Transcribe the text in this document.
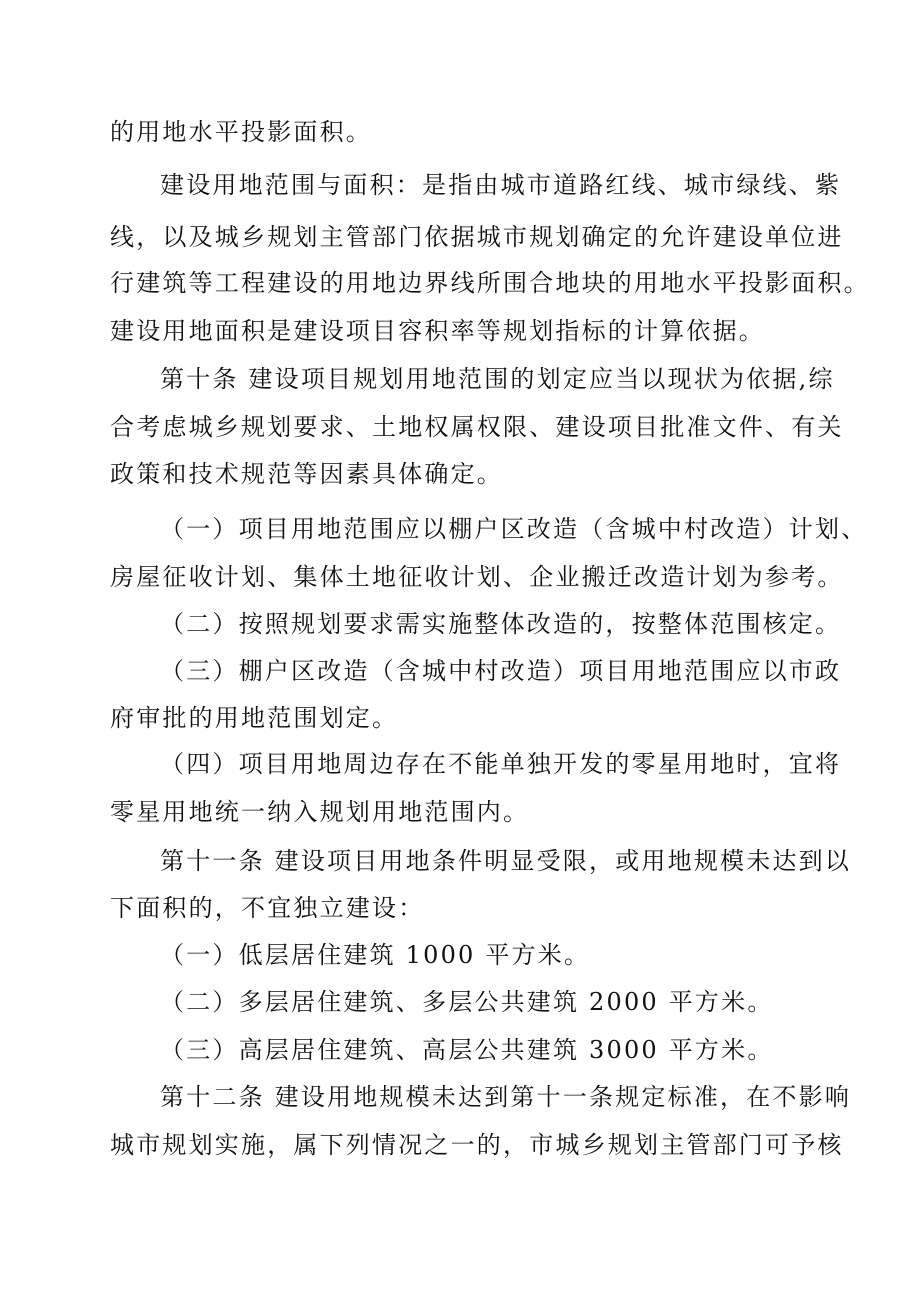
的用地水平投影面积。
建设用地范围与面积：是指由城市道路红线、城市绿线、紫
线，以及城乡规划主管部门依据城市规划确定的允许建设单位进
行建筑等工程建设的用地边界线所围合地块的用地水平投影面积。
建设用地面积是建设项目容积率等规划指标的计算依据。
第十条 建设项目规划用地范围的划定应当以现状为依据,综
合考虑城乡规划要求、土地权属权限、建设项目批准文件、有关
政策和技术规范等因素具体确定。
（一）项目用地范围应以棚户区改造（含城中村改造）计划、
房屋征收计划、集体土地征收计划、企业搬迁改造计划为参考。
（二）按照规划要求需实施整体改造的，按整体范围核定。
（三）棚户区改造（含城中村改造）项目用地范围应以市政
府审批的用地范围划定。
（四）项目用地周边存在不能单独开发的零星用地时，宜将
零星用地统一纳入规划用地范围内。
第十一条 建设项目用地条件明显受限，或用地规模未达到以
下面积的，不宜独立建设：
（一）低层居住建筑 1000 平方米。
（二）多层居住建筑、多层公共建筑 2000 平方米。
（三）高层居住建筑、高层公共建筑 3000 平方米。
第十二条 建设用地规模未达到第十一条规定标准，在不影响
城市规划实施，属下列情况之一的，市城乡规划主管部门可予核
